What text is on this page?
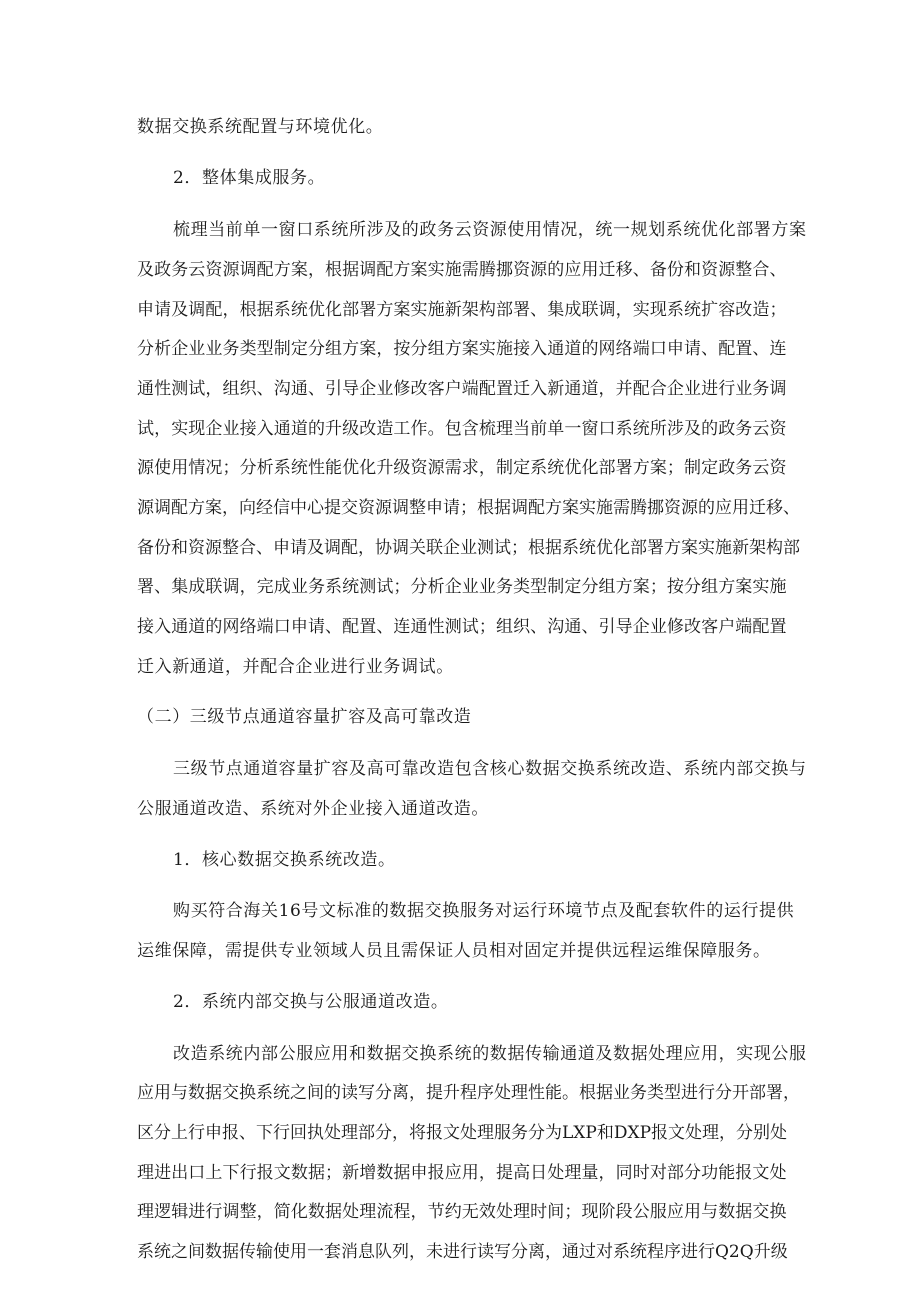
数据交换系统配置与环境优化。
2．整体集成服务。
梳理当前单一窗口系统所涉及的政务云资源使用情况，统一规划系统优化部署方案
及 政 务 云 资 源 调 配 方 案 ， 根 据 调 配 方 案 实 施 需 腾 挪 资 源 的 应 用 迁 移 、 备 份 和 资 源 整 合 、
申 请 及 调 配 ， 根 据 系 统 优 化 部 署 方 案 实 施 新 架 构 部 署 、 集 成 联 调 ， 实 现 系 统 扩 容 改 造 ；
分 析 企 业 业 务 类 型 制 定 分 组 方 案 ， 按 分 组 方 案 实 施 接 入 通 道 的 网 络 端 口 申 请 、 配 置 、 连
通 性 测 试 ， 组 织 、 沟 通 、 引 导 企 业 修 改 客 户 端 配 置 迁 入 新 通 道 ， 并 配 合 企 业 进 行 业 务 调
试 ， 实 现 企 业 接 入 通 道 的 升 级 改 造 工 作 。 包 含 梳 理 当 前 单 一 窗 口 系 统 所 涉 及 的 政 务 云 资
源 使 用 情 况 ； 分 析 系 统 性 能 优 化 升 级 资 源 需 求 ， 制 定 系 统 优 化 部 署 方 案 ； 制 定 政 务 云 资
源 调 配 方 案 ， 向 经 信 中 心 提 交 资 源 调 整 申 请 ； 根 据 调 配 方 案 实 施 需 腾 挪 资 源 的 应 用 迁 移 、
备 份 和 资 源 整 合 、 申 请 及 调 配 ， 协 调 关 联 企 业 测 试 ； 根 据 系 统 优 化 部 署 方 案 实 施 新 架 构 部
署 、 集 成 联 调 ， 完 成 业 务 系 统 测 试 ； 分 析 企 业 业 务 类 型 制 定 分 组 方 案 ； 按 分 组 方 案 实 施
接 入 通 道 的 网 络 端 口 申 请 、 配 置 、 连 通 性 测 试 ； 组 织 、 沟 通 、 引 导 企 业 修 改 客 户 端 配 置
迁入新通道，并配合企业进行业务调试。
（二）三级节点通道容量扩容及高可靠改造
三级节点通道容量扩容及高可靠改造包含核心数据交换系统改造、系统内部交换与
公服通道改造、系统对外企业接入通道改造。
1．核心数据交换系统改造。
购买符合海关16号文标准的数据交换服务对运行环境节点及配套软件的运行提供
运维保障，需提供专业领域人员且需保证人员相对固定并提供远程运维保障服务。
2．系统内部交换与公服通道改造。
改造系统内部公服应用和数据交换系统的数据传输通道及数据处理应用，实现公服
应 用 与 数 据 交 换 系 统 之 间 的 读 写 分 离 ， 提 升 程 序 处 理 性 能 。 根 据 业 务 类 型 进 行 分 开 部 署 ，
区 分 上 行 申 报 、 下 行 回 执 处 理 部 分 ， 将 报 文 处 理 服 务 分 为 LXP 和 DXP 报 文 处 理 ， 分 别 处
理 进 出 口 上 下 行 报 文 数 据 ； 新 增 数 据 申 报 应 用 ， 提 高 日 处 理 量 ， 同 时 对 部 分 功 能 报 文 处
理 逻 辑 进 行 调 整 ， 简 化 数 据 处 理 流 程 ， 节 约 无 效 处 理 时 间 ； 现 阶 段 公 服 应 用 与 数 据 交 换
系 统 之 间 数 据 传 输 使 用 一 套 消 息 队 列 ， 未 进 行 读 写 分 离 ， 通 过 对 系 统 程 序 进 行 Q2Q 升 级
